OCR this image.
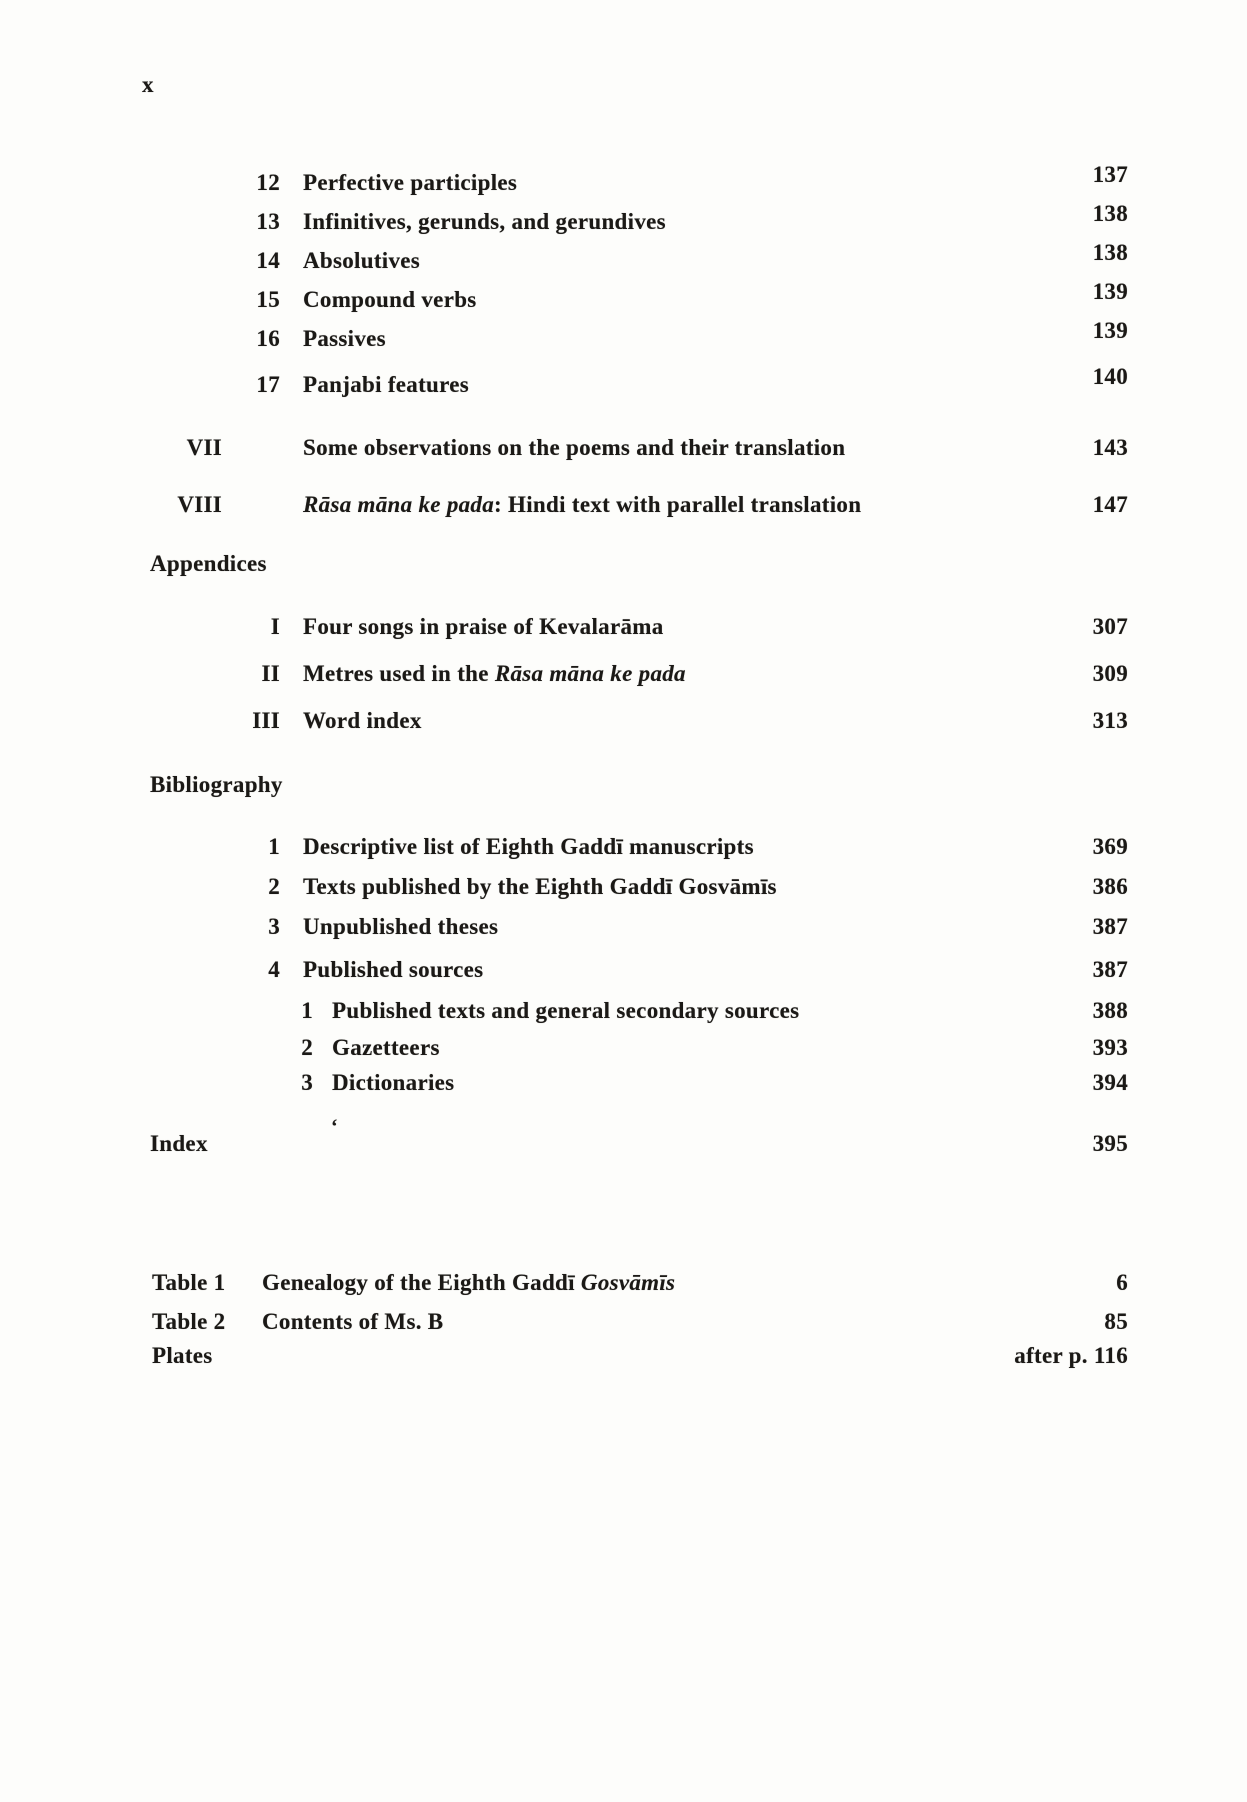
x
12 Perfective participles	137
13 Infinitives, gerunds, and gerundives	138
14 Absolutives	138
15 Compound verbs	139
16 Passives	139
17 Panjabi features	140
VII	Some observations on the poems and their translation	143
VIII	Rāsa māna ke pada: Hindi text with parallel translation	147
Appendices
I Four songs in praise of Kevalarāma	307
II Metres used in the Rāsa māna ke pada	309
III Word index	313
Bibliography
1 Descriptive list of Eighth Gaddī manuscripts	369
2 Texts published by the Eighth Gaddī Gosvāmīs	386
3 Unpublished theses	387
4 Published sources	387
1 Published texts and general secondary sources	388
2 Gazetteers	393
3 Dictionaries	394
‘
Index	395
Table 1 Genealogy of the Eighth Gaddī Gosvāmīs	6
Table 2 Contents of Ms. B	85
Plates	after p. 116
